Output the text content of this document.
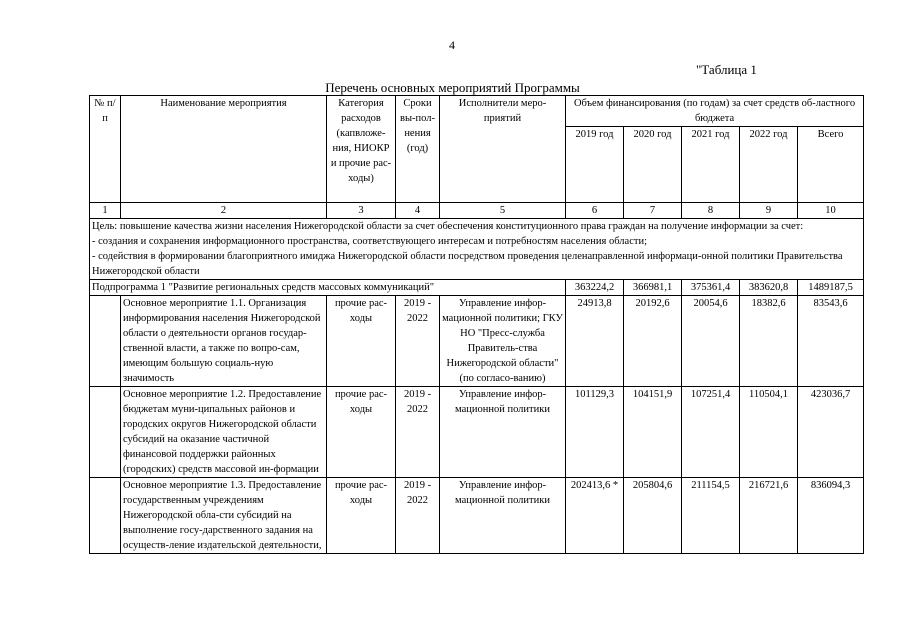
4
"Таблица 1
Перечень основных мероприятий Программы
№ п/п	Наименование мероприятия	Категория расходов (капвложе-ния, НИОКР и прочие рас-ходы)	Сроки вы-пол-нения (год)	Исполнители меро-приятий	Объем финансирования (по годам) за счет средств об-ластного бюджета				
					2019 год	2020 год	2021 год	2022 год	Всего
1	2	3	4	5	6	7	8	9	10

Цель: повышение качества жизни населения Нижегородской области за счет обеспечения конституционного права граждан на получение информации за счет:
- создания и сохранения информационного пространства, соответствующего интересам и потребностям населения области;
- содействия в формировании благоприятного имиджа Нижегородской области посредством проведения целенаправленной информаци-онной политики Правительства Нижегородской области									

Подпрограмма 1 "Развитие региональных средств массовых коммуникаций"					363224,2	366981,1	375361,4	383620,8	1489187,5
	Основное мероприятие 1.1. Организация информирования населения Нижегородской области о деятельности органов государ-ственной власти, а также по вопро-сам, имеющим большую социаль-ную значимость	прочие рас-ходы	2019 - 2022	Управление инфор-мационной политики; ГКУ НО "Пресс-служба Правитель-ства Нижегородской области" (по согласо-ванию)	24913,8	20192,6	20054,6	18382,6	83543,6
	Основное мероприятие 1.2. Предоставление бюджетам муни-ципальных районов и городских округов Нижегородской области субсидий на оказание частичной финансовой поддержки районных (городских) средств массовой ин-формации	прочие рас-ходы	2019 - 2022	Управление инфор-мационной политики	101129,3	104151,9	107251,4	110504,1	423036,7
	Основное мероприятие 1.3. Предоставление государственным учреждениям Нижегородской обла-сти субсидий на выполнение госу-дарственного задания на осуществ-ление издательской деятельности,	прочие рас-ходы	2019 - 2022	Управление инфор-мационной политики	202413,6 *	205804,6	211154,5	216721,6	836094,3
